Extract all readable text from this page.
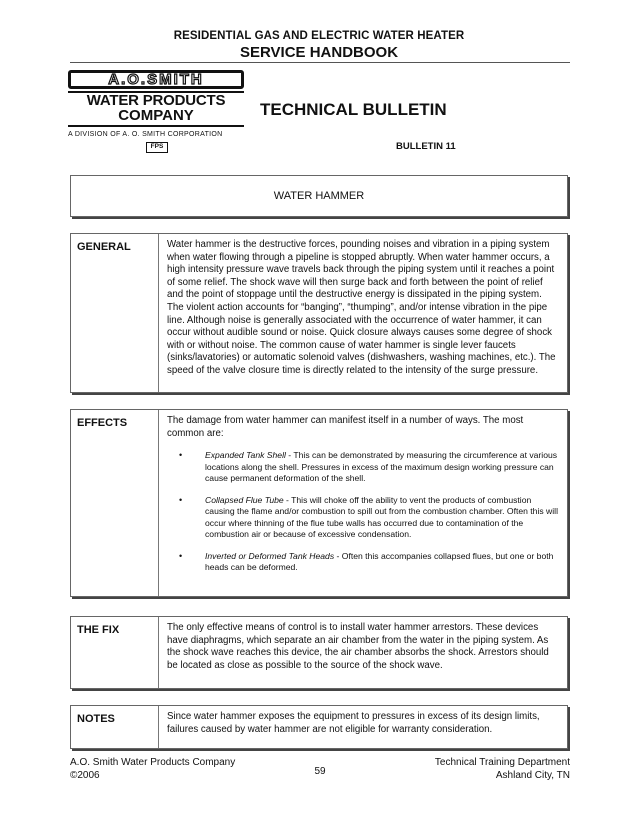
RESIDENTIAL GAS AND ELECTRIC WATER HEATER
SERVICE HANDBOOK
A.O.SMITH
WATER PRODUCTS
COMPANY
A DIVISION OF A. O. SMITH CORPORATION
FPS
TECHNICAL BULLETIN
BULLETIN 11
WATER HAMMER
GENERAL	Water hammer is the destructive forces, pounding noises and vibration in a piping system when water flowing through a pipeline is stopped abruptly. When water hammer occurs, a high intensity pressure wave travels back through the piping system until it reaches a point of some relief. The shock wave will then surge back and forth between the point of relief and the point of stoppage until the destructive energy is dissipated in the piping system. The violent action accounts for “banging”, “thumping”, and/or intense vibration in the pipe line. Although noise is generally associated with the occurrence of water hammer, it can occur without audible sound or noise. Quick closure always causes some degree of shock with or without noise. The common cause of water hammer is single lever faucets (sinks/lavatories) or automatic solenoid valves (dishwashers, washing machines, etc.). The speed of the valve closure time is directly related to the intensity of the surge pressure.
EFFECTS	The damage from water hammer can manifest itself in a number of ways. The most common are:
•	Expanded Tank Shell - This can be demonstrated by measuring the circumference at various locations along the shell. Pressures in excess of the maximum design working pressure can cause permanent deformation of the shell.
•	Collapsed Flue Tube - This will choke off the ability to vent the products of combustion causing the flame and/or combustion to spill out from the combustion chamber. Often this will occur where thinning of the flue tube walls has occurred due to contamination of the combustion air or because of excessive condensation.
•	Inverted or Deformed Tank Heads - Often this accompanies collapsed flues, but one or both heads can be deformed.
THE FIX	The only effective means of control is to install water hammer arrestors. These devices have diaphragms, which separate an air chamber from the water in the piping system. As the shock wave reaches this device, the air chamber absorbs the shock. Arrestors should be located as close as possible to the source of the shock wave.
NOTES	Since water hammer exposes the equipment to pressures in excess of its design limits, failures caused by water hammer are not eligible for warranty consideration.
A.O. Smith Water Products Company
©2006	59
Technical Training Department
Ashland City, TN
